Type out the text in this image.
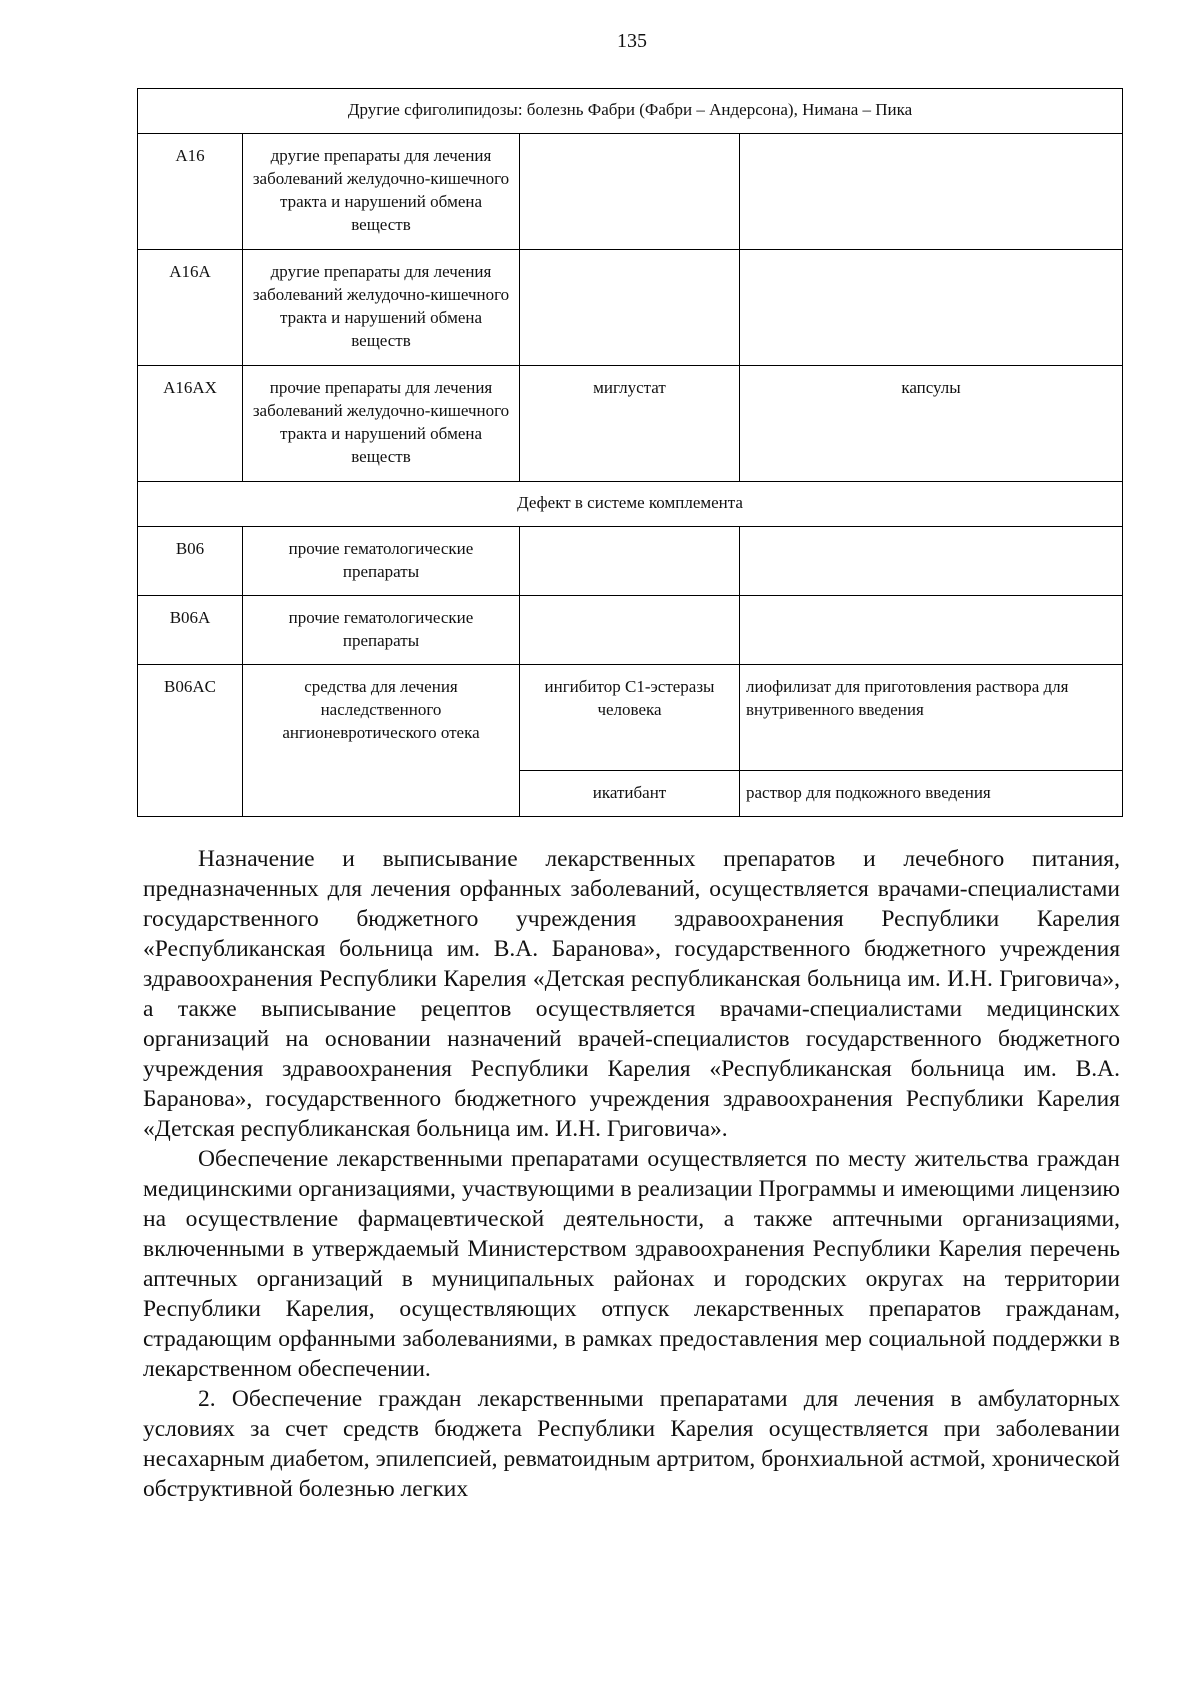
135
Другие сфиголипидозы: болезнь Фабри (Фабри – Андерсона), Нимана – Пика			
A16	другие препараты для лечения заболеваний желудочно-кишечного тракта и нарушений обмена веществ		
A16A	другие препараты для лечения заболеваний желудочно-кишечного тракта и нарушений обмена веществ		
A16AX	прочие препараты для лечения заболеваний желудочно-кишечного тракта и нарушений обмена веществ	миглустат	капсулы
Дефект в системе комплемента			
B06	прочие гематологические препараты		
B06A	прочие гематологические препараты		
B06AC	средства для лечения наследственного ангионевротического отека	ингибитор C1-эстеразы человека	лиофилизат для приготовления раствора для внутривенного введения
		икатибант	раствор для подкожного введения

Назначение и выписывание лекарственных препаратов и лечебного питания, предназначенных для лечения орфанных заболеваний, осуществляется врачами-специалистами государственного бюджетного учреждения здравоохранения Республики Карелия «Республиканская больница им. В.А. Баранова», государственного бюджетного учреждения здравоохранения Республики Карелия «Детская республиканская больница им. И.Н. Григовича», а также выписывание рецептов осуществляется врачами-специалистами медицинских организаций на основании назначений врачей-специалистов государственного бюджетного учреждения здравоохранения Республики Карелия «Республиканская больница им. В.А. Баранова», государственного бюджетного учреждения здравоохранения Республики Карелия «Детская республиканская больница им. И.Н. Григовича».

Обеспечение лекарственными препаратами осуществляется по месту жительства граждан медицинскими организациями, участвующими в реализации Программы и имеющими лицензию на осуществление фармацевтической деятельности, а также аптечными организациями, включенными в утверждаемый Министерством здравоохранения Республики Карелия перечень аптечных организаций в муниципальных районах и городских округах на территории Республики Карелия, осуществляющих отпуск лекарственных препаратов гражданам, страдающим орфанными заболеваниями, в рамках предоставления мер социальной поддержки в лекарственном обеспечении.

2. Обеспечение граждан лекарственными препаратами для лечения в амбулаторных условиях за счет средств бюджета Республики Карелия осуществляется при заболевании несахарным диабетом, эпилепсией, ревматоидным артритом, бронхиальной астмой, хронической обструктивной болезнью легких
